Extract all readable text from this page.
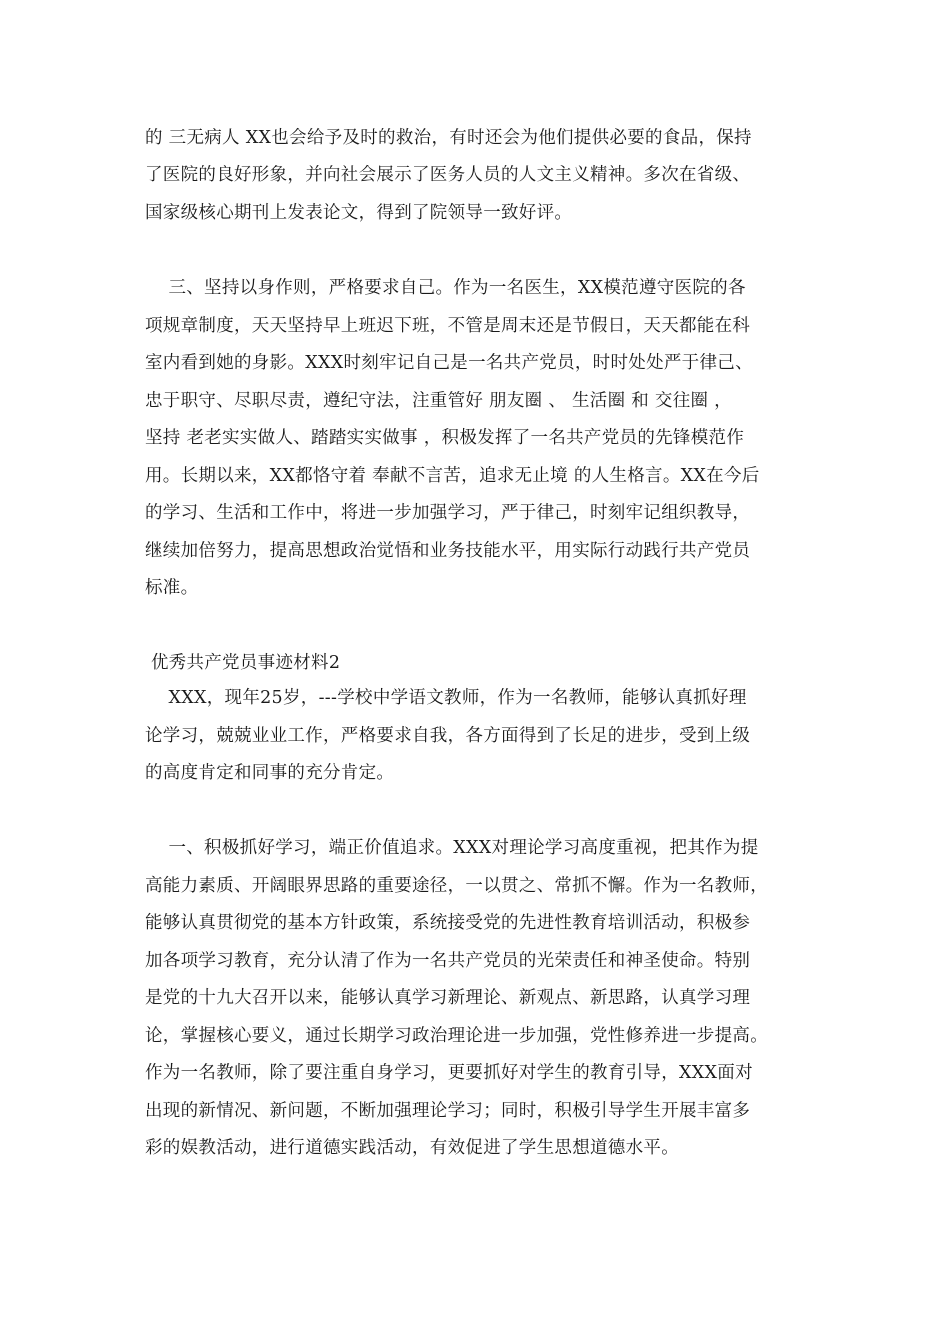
的 三无病人 XX也会给予及时的救治，有时还会为他们提供必要的食品，保持
了医院的良好形象，并向社会展示了医务人员的人文主义精神。多次在省级、
国家级核心期刊上发表论文，得到了院领导一致好评。
三、坚持以身作则，严格要求自己。作为一名医生，XX模范遵守医院的各
项规章制度，天天坚持早上班迟下班，不管是周末还是节假日，天天都能在科
室内看到她的身影。XXX时刻牢记自己是一名共产党员，时时处处严于律己、
忠于职守、尽职尽责，遵纪守法，注重管好 朋友圈 、 生活圈 和 交往圈 ，
坚持 老老实实做人、踏踏实实做事 ，积极发挥了一名共产党员的先锋模范作
用。长期以来，XX都恪守着 奉献不言苦，追求无止境 的人生格言。XX在今后
的学习、生活和工作中，将进一步加强学习，严于律己，时刻牢记组织教导，
继续加倍努力，提高思想政治觉悟和业务技能水平，用实际行动践行共产党员
标准。
优秀共产党员事迹材料2
XXX，现年25岁，---学校中学语文教师，作为一名教师，能够认真抓好理
论学习，兢兢业业工作，严格要求自我，各方面得到了长足的进步，受到上级
的高度肯定和同事的充分肯定。
一、积极抓好学习，端正价值追求。XXX对理论学习高度重视，把其作为提
高能力素质、开阔眼界思路的重要途径，一以贯之、常抓不懈。作为一名教师，
能够认真贯彻党的基本方针政策，系统接受党的先进性教育培训活动，积极参
加各项学习教育，充分认清了作为一名共产党员的光荣责任和神圣使命。特别
是党的十九大召开以来，能够认真学习新理论、新观点、新思路，认真学习理
论，掌握核心要义，通过长期学习政治理论进一步加强，党性修养进一步提高。
作为一名教师，除了要注重自身学习，更要抓好对学生的教育引导，XXX面对
出现的新情况、新问题，不断加强理论学习；同时，积极引导学生开展丰富多
彩的娱教活动，进行道德实践活动，有效促进了学生思想道德水平。
